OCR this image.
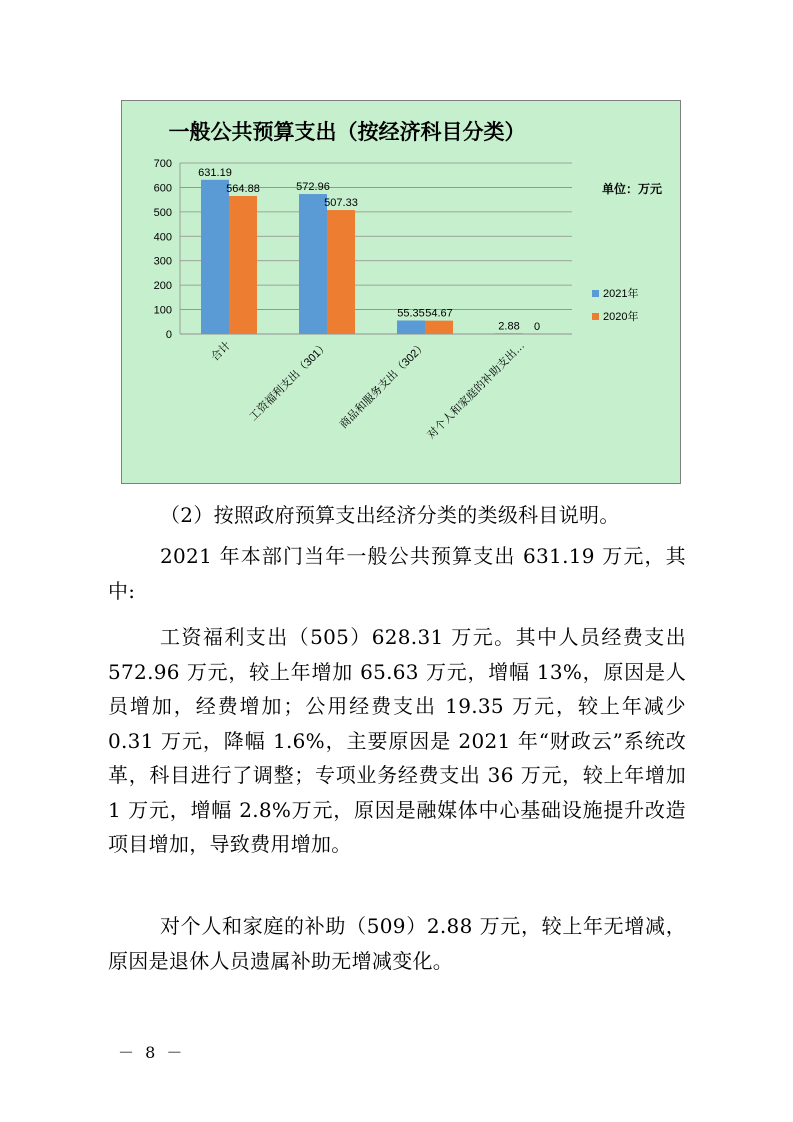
一般公共预算支出（按经济科目分类）
0
100
200
300
400
500
600
700
631.19
572.96
55.35
2.88
564.88
507.33
54.67
0
合计 工资福利支出（301） 商品和服务支出（302）
对个人和家庭的补助支出…
单位：万元
2021年
2020年

（2）按照政府预算支出经济分类的类级科目说明。

2021 年本部门当年一般公共预算支出 631.19 万元，其中:

工资福利支出（505）628.31 万元。其中人员经费支出 572.96 万元，较上年增加 65.63 万元，增幅 13%，原因是人员增加，经费增加；公用经费支出 19.35 万元，较上年减少 0.31 万元，降幅 1.6%，主要原因是 2021 年“财政云”系统改革，科目进行了调整；专项业务经费支出 36 万元，较上年增加 1 万元，增幅 2.8%万元，原因是融媒体中心基础设施提升改造项目增加，导致费用增加。

对个人和家庭的补助（509）2.88 万元，较上年无增减，原因是退休人员遗属补助无增减变化。

－ 8 －
